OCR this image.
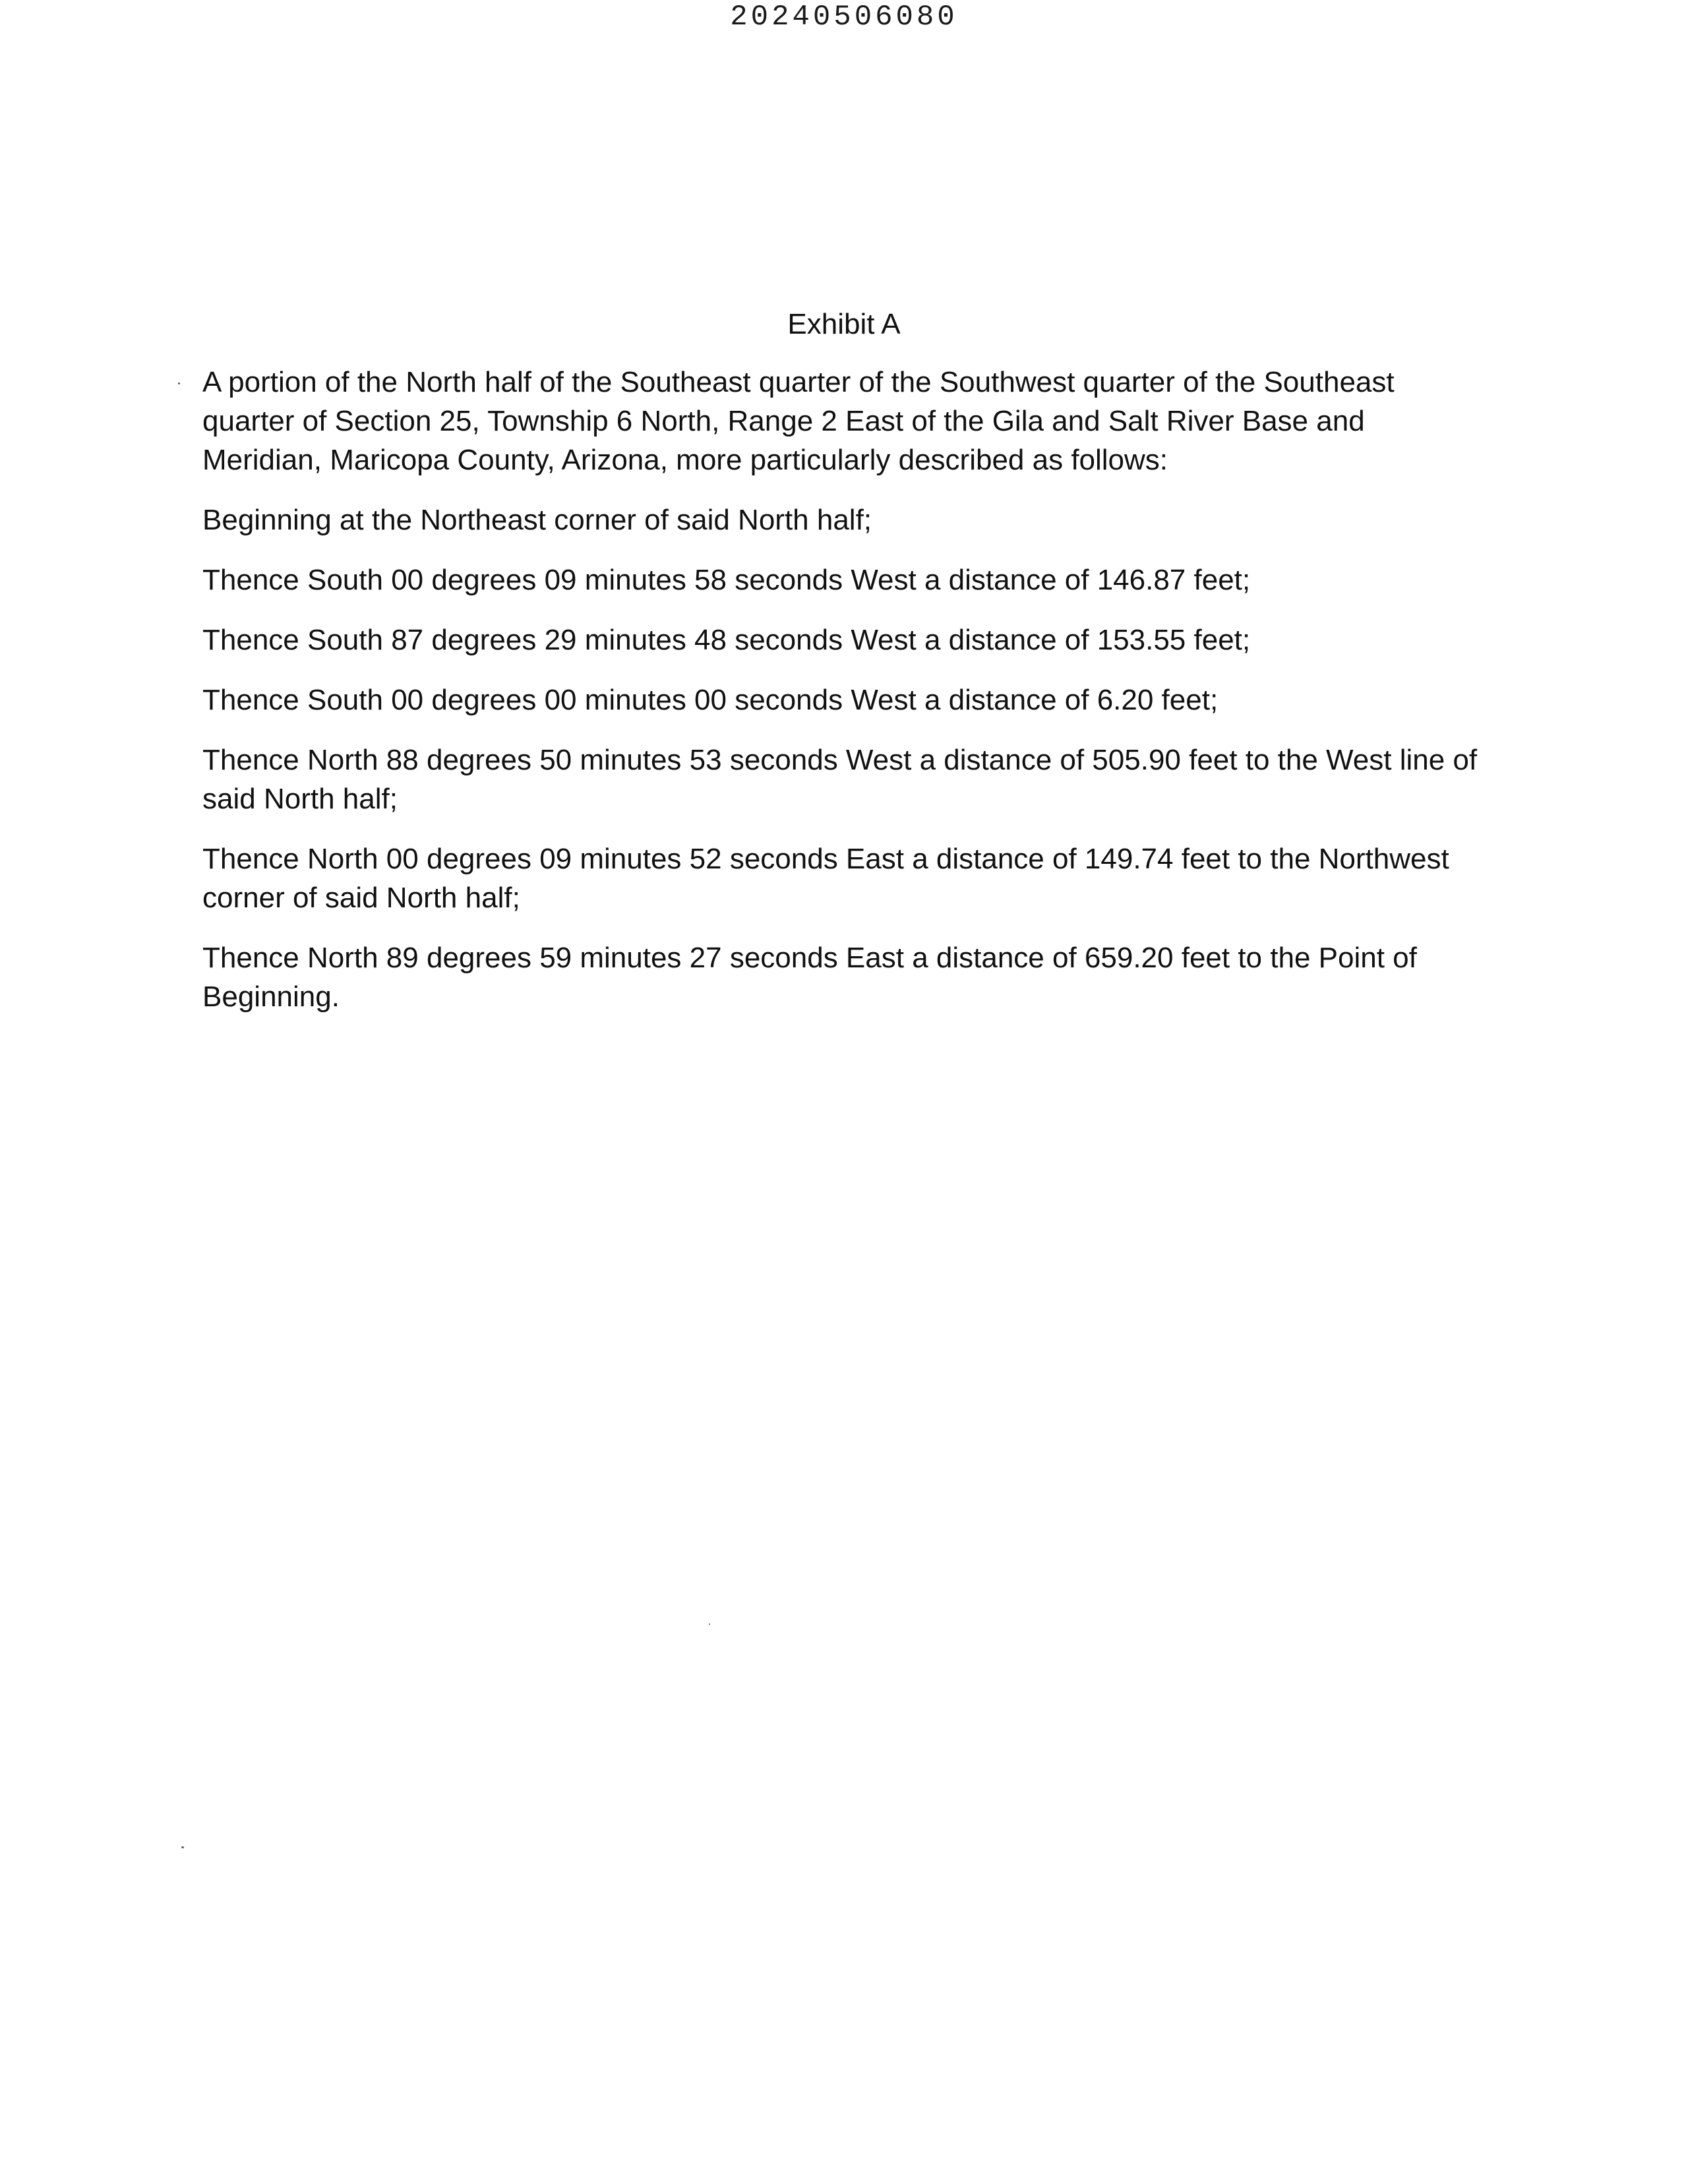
20240506080
Exhibit A

A portion of the North half of the Southeast quarter of the Southwest quarter of the Southeast quarter of Section 25, Township 6 North, Range 2 East of the Gila and Salt River Base and Meridian, Maricopa County, Arizona, more particularly described as follows:

Beginning at the Northeast corner of said North half;

Thence South 00 degrees 09 minutes 58 seconds West a distance of 146.87 feet;

Thence South 87 degrees 29 minutes 48 seconds West a distance of 153.55 feet;

Thence South 00 degrees 00 minutes 00 seconds West a distance of 6.20 feet;

Thence North 88 degrees 50 minutes 53 seconds West a distance of 505.90 feet to the West line of said North half;

Thence North 00 degrees 09 minutes 52 seconds East a distance of 149.74 feet to the Northwest corner of said North half;

Thence North 89 degrees 59 minutes 27 seconds East a distance of 659.20 feet to the Point of Beginning.
